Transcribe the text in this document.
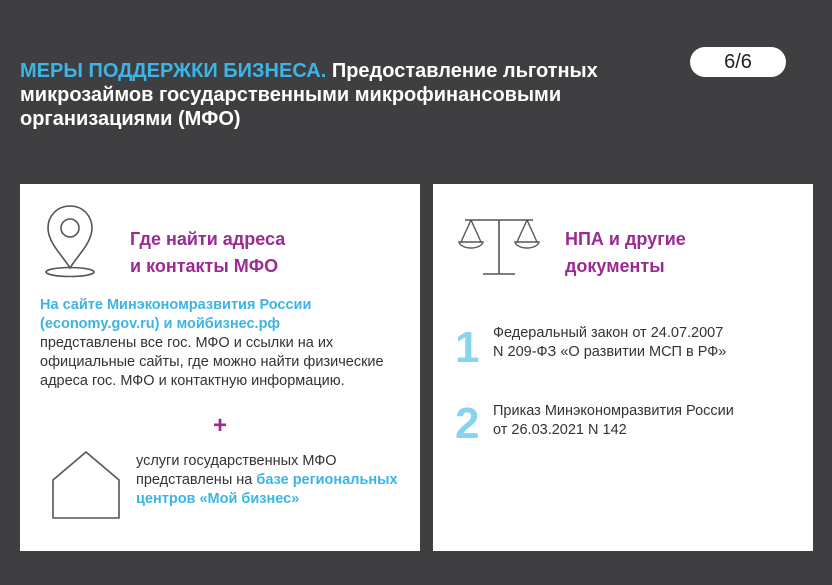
МЕРЫ ПОДДЕРЖКИ БИЗНЕСА. Предоставление льготных микрозаймов государственными микрофинансовыми организациями (МФО)
6/6
Где найти адреса
и контакты МФО
На сайте Минэкономразвития России
(economy.gov.ru) и мойбизнес.рф
представлены все гос. МФО и ссылки на их официальные сайты, где можно найти физические адреса гос. МФО и контактную информацию.
+
услуги государственных МФО представлены на базе региональных центров «Мой бизнес»
НПА и другие
документы
1 Федеральный закон от 24.07.2007
N 209-ФЗ «О развитии МСП в РФ»
2 Приказ Минэкономразвития России
от 26.03.2021 N 142
